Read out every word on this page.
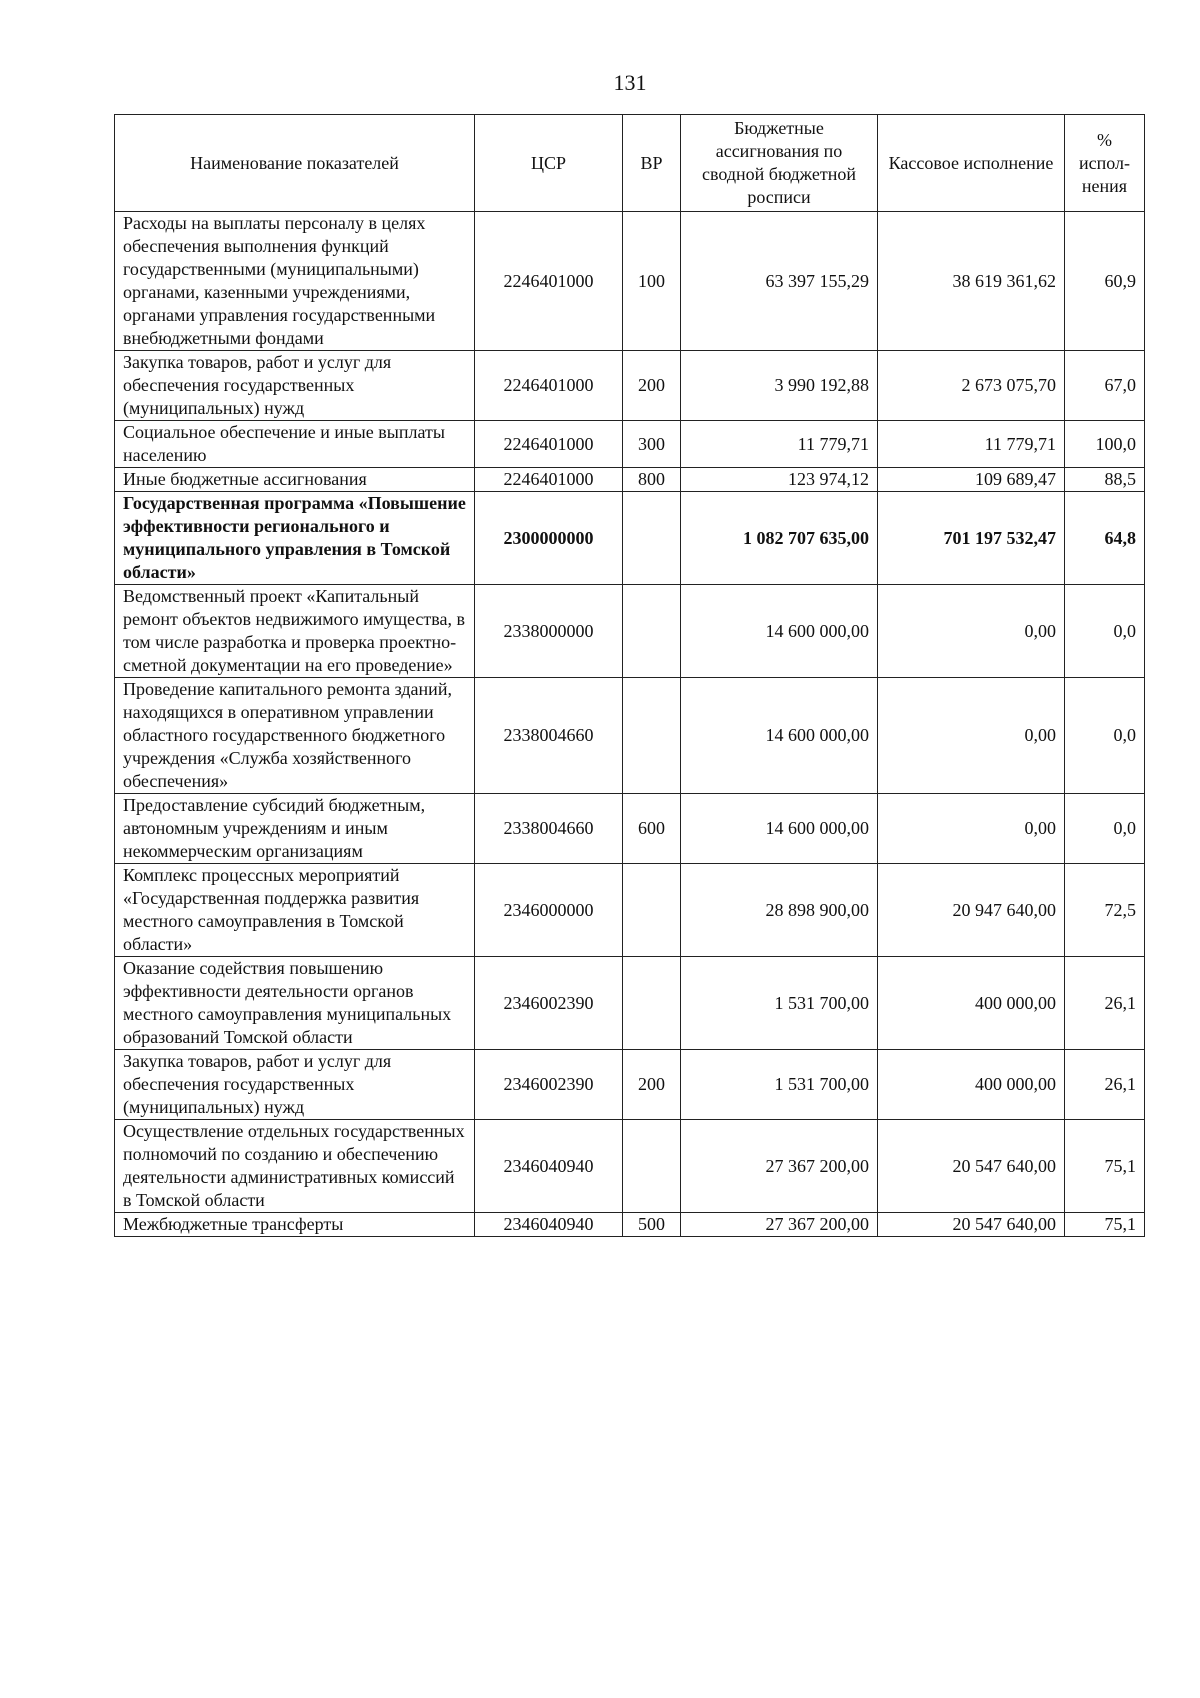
131
Наименование показателей	ЦСР	ВР	Бюджетные ассигнования по сводной бюджетной росписи	Кассовое исполнение	% испол-нения
Расходы на выплаты персоналу в целях обеспечения выполнения функций государственными (муниципальными) органами, казенными учреждениями, органами управления государственными внебюджетными фондами	2246401000	100	63 397 155,29	38 619 361,62	60,9
Закупка товаров, работ и услуг для обеспечения государственных (муниципальных) нужд	2246401000	200	3 990 192,88	2 673 075,70	67,0
Социальное обеспечение и иные выплаты населению	2246401000	300	11 779,71	11 779,71	100,0
Иные бюджетные ассигнования	2246401000	800	123 974,12	109 689,47	88,5
Государственная программа «Повышение эффективности регионального и муниципального управления в Томской области»	2300000000		1 082 707 635,00	701 197 532,47	64,8
Ведомственный проект «Капитальный ремонт объектов недвижимого имущества, в том числе разработка и проверка проектно-сметной документации на его проведение»	2338000000		14 600 000,00	0,00	0,0
Проведение капитального ремонта зданий, находящихся в оперативном управлении областного государственного бюджетного учреждения «Служба хозяйственного обеспечения»	2338004660		14 600 000,00	0,00	0,0
Предоставление субсидий бюджетным, автономным учреждениям и иным некоммерческим организациям	2338004660	600	14 600 000,00	0,00	0,0
Комплекс процессных мероприятий «Государственная поддержка развития местного самоуправления в Томской области»	2346000000		28 898 900,00	20 947 640,00	72,5
Оказание содействия повышению эффективности деятельности органов местного самоуправления муниципальных образований Томской области	2346002390		1 531 700,00	400 000,00	26,1
Закупка товаров, работ и услуг для обеспечения государственных (муниципальных) нужд	2346002390	200	1 531 700,00	400 000,00	26,1
Осуществление отдельных государственных полномочий по созданию и обеспечению деятельности административных комиссий в Томской области	2346040940		27 367 200,00	20 547 640,00	75,1
Межбюджетные трансферты	2346040940	500	27 367 200,00	20 547 640,00	75,1
